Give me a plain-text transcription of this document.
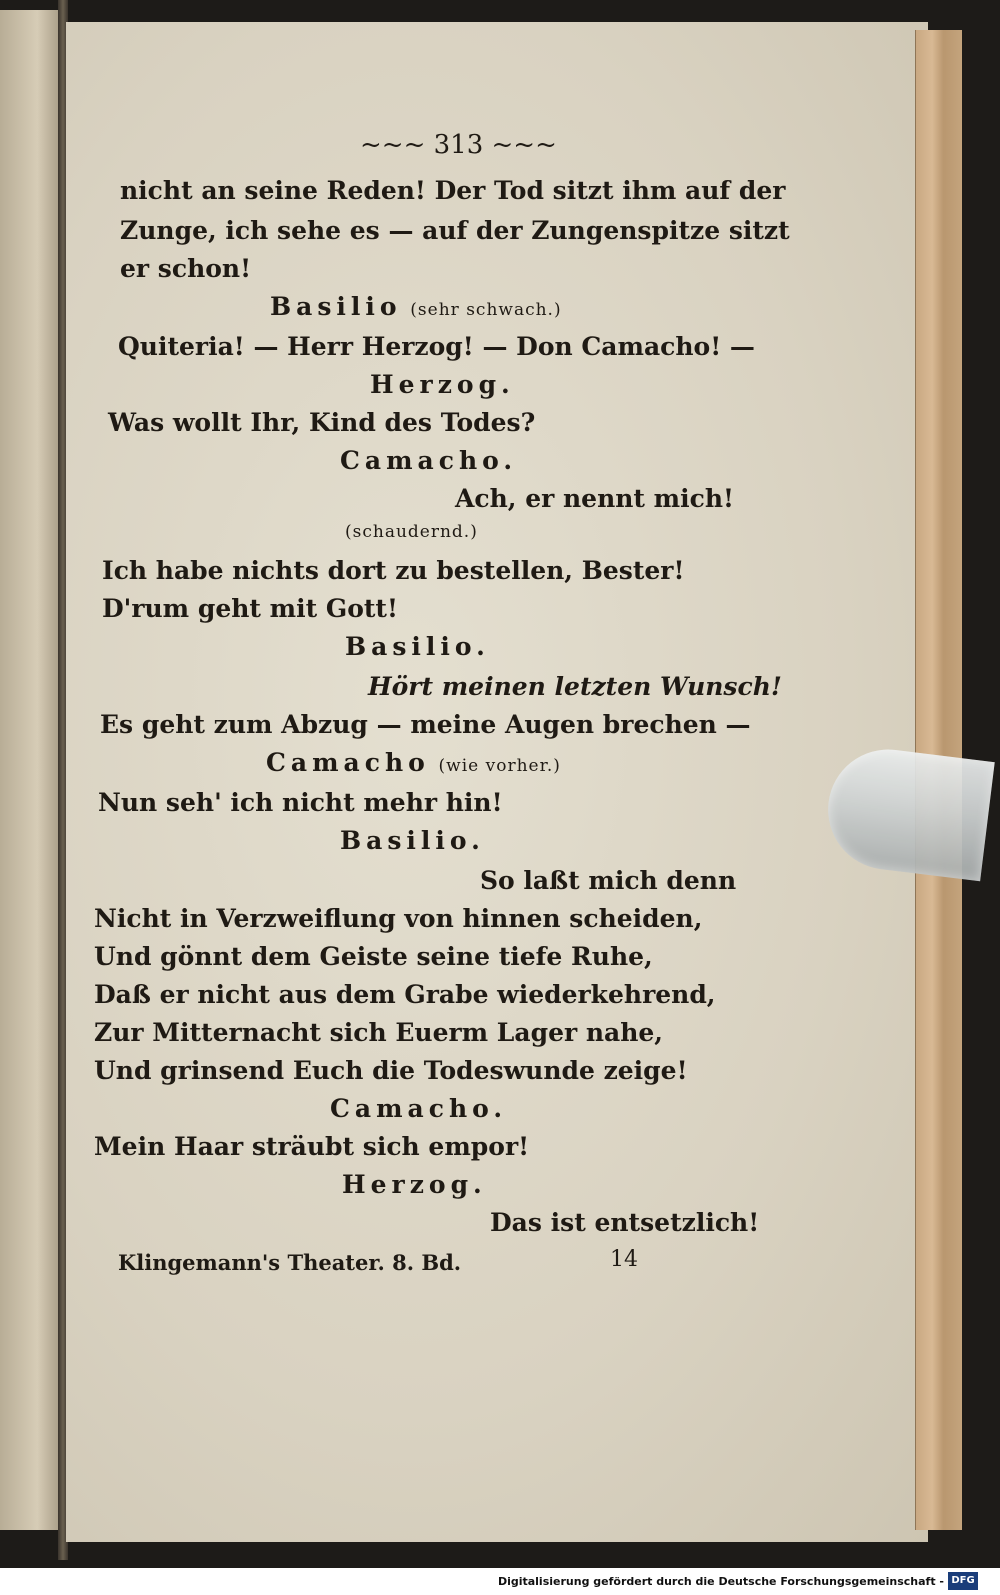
~~~ 313 ~~~
nicht an seine Reden! Der Tod sitzt ihm auf der
Zunge, ich sehe es — auf der Zungenspitze sitzt
er schon!
Basilio (sehr schwach.)
Quiteria! — Herr Herzog! — Don Camacho! —
Herzog.
Was wollt Ihr, Kind des Todes?
Camacho.
Ach, er nennt mich!
(schaudernd.)
Ich habe nichts dort zu bestellen, Bester!
D'rum geht mit Gott!
Basilio.
Hört meinen letzten Wunsch!
Es geht zum Abzug — meine Augen brechen —
Camacho (wie vorher.)
Nun seh' ich nicht mehr hin!
Basilio.
So laßt mich denn
Nicht in Verzweiflung von hinnen scheiden,
Und gönnt dem Geiste seine tiefe Ruhe,
Daß er nicht aus dem Grabe wiederkehrend,
Zur Mitternacht sich Euerm Lager nahe,
Und grinsend Euch die Todeswunde zeige!
Camacho.
Mein Haar sträubt sich empor!
Herzog.
Das ist entsetzlich!
Klingemann's Theater. 8. Bd.	14
Digitalisierung gefördert durch die Deutsche Forschungsgemeinschaft - DFG
